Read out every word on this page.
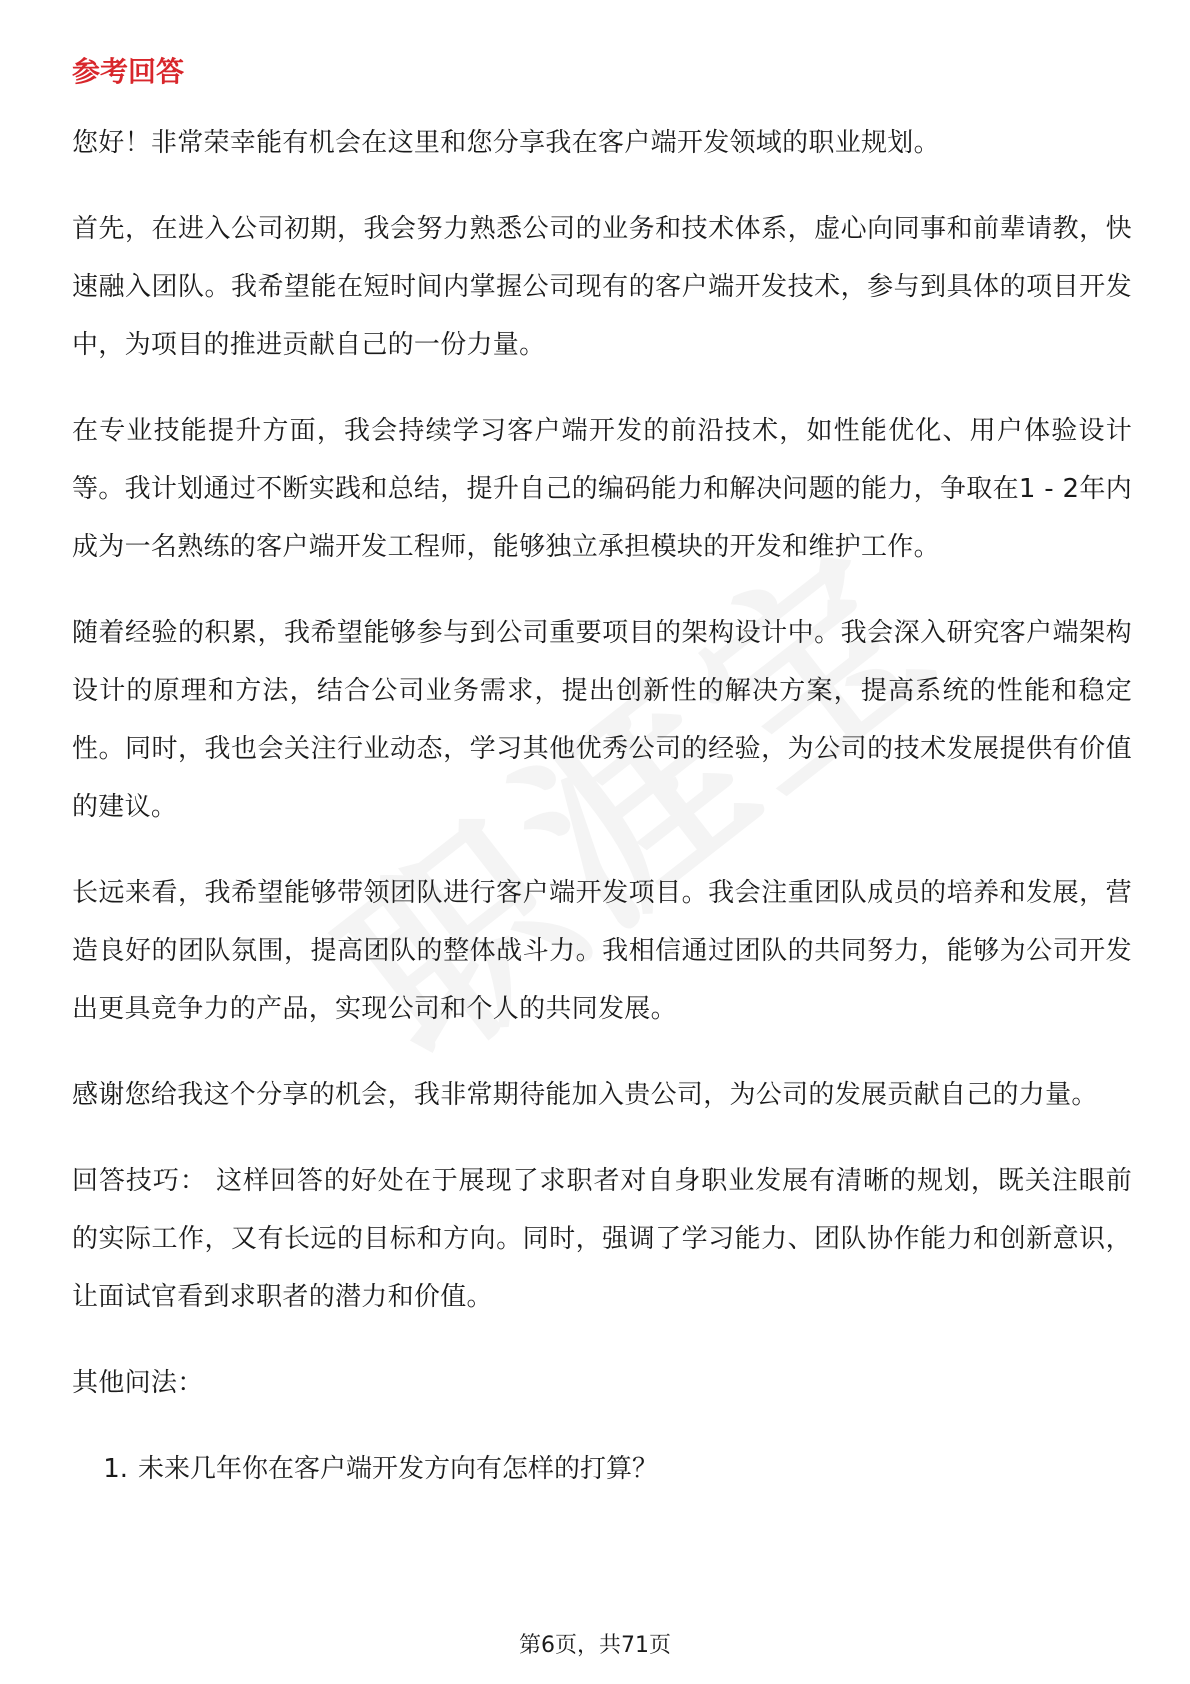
参考回答

您好！非常荣幸能有机会在这里和您分享我在客户端开发领域的职业规划。

首先，在进入公司初期，我会努力熟悉公司的业务和技术体系，虚心向同事和前辈请教，快速融入团队。我希望能在短时间内掌握公司现有的客户端开发技术，参与到具体的项目开发中，为项目的推进贡献自己的一份力量。

在专业技能提升方面，我会持续学习客户端开发的前沿技术，如性能优化、用户体验设计等。我计划通过不断实践和总结，提升自己的编码能力和解决问题的能力，争取在1 - 2年内成为一名熟练的客户端开发工程师，能够独立承担模块的开发和维护工作。

随着经验的积累，我希望能够参与到公司重要项目的架构设计中。我会深入研究客户端架构设计的原理和方法，结合公司业务需求，提出创新性的解决方案，提高系统的性能和稳定性。同时，我也会关注行业动态，学习其他优秀公司的经验，为公司的技术发展提供有价值的建议。

长远来看，我希望能够带领团队进行客户端开发项目。我会注重团队成员的培养和发展，营造良好的团队氛围，提高团队的整体战斗力。我相信通过团队的共同努力，能够为公司开发出更具竞争力的产品，实现公司和个人的共同发展。

感谢您给我这个分享的机会，我非常期待能加入贵公司，为公司的发展贡献自己的力量。

回答技巧： 这样回答的好处在于展现了求职者对自身职业发展有清晰的规划，既关注眼前的实际工作，又有长远的目标和方向。同时，强调了学习能力、团队协作能力和创新意识，让面试官看到求职者的潜力和价值。

其他问法：

1. 未来几年你在客户端开发方向有怎样的打算？
第6页，共71页
